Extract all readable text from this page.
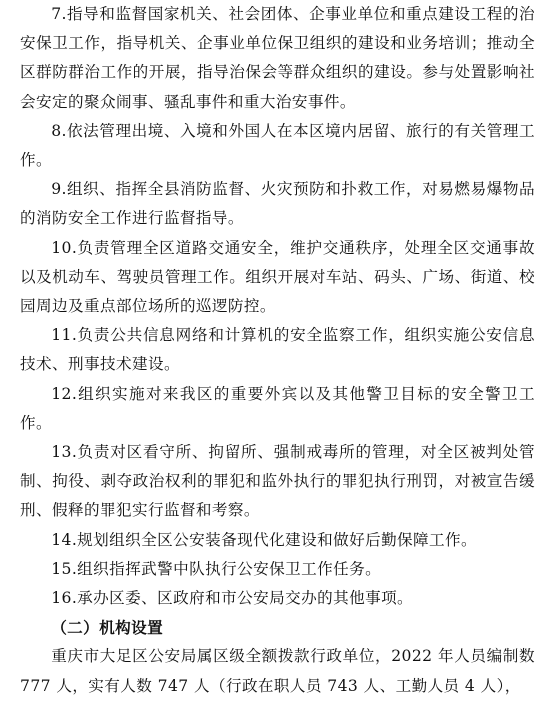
7.指导和监督国家机关、社会团体、企事业单位和重点建设工程的治安保卫工作，指导机关、企事业单位保卫组织的建设和业务培训；推动全区群防群治工作的开展，指导治保会等群众组织的建设。参与处置影响社会安定的聚众闹事、骚乱事件和重大治安事件。

8.依法管理出境、入境和外国人在本区境内居留、旅行的有关管理工作。

9.组织、指挥全县消防监督、火灾预防和扑救工作，对易燃易爆物品的消防安全工作进行监督指导。

10.负责管理全区道路交通安全，维护交通秩序，处理全区交通事故以及机动车、驾驶员管理工作。组织开展对车站、码头、广场、街道、校园周边及重点部位场所的巡逻防控。

11.负责公共信息网络和计算机的安全监察工作，组织实施公安信息技术、刑事技术建设。

12.组织实施对来我区的重要外宾以及其他警卫目标的安全警卫工作。

13.负责对区看守所、拘留所、强制戒毒所的管理，对全区被判处管制、拘役、剥夺政治权利的罪犯和监外执行的罪犯执行刑罚，对被宣告缓刑、假释的罪犯实行监督和考察。

14.规划组织全区公安装备现代化建设和做好后勤保障工作。

15.组织指挥武警中队执行公安保卫工作任务。

16.承办区委、区政府和市公安局交办的其他事项。

（二）机构设置

重庆市大足区公安局属区级全额拨款行政单位，2022 年人员编制数 777 人，实有人数 747 人（行政在职人员 743 人、工勤人员 4 人），
